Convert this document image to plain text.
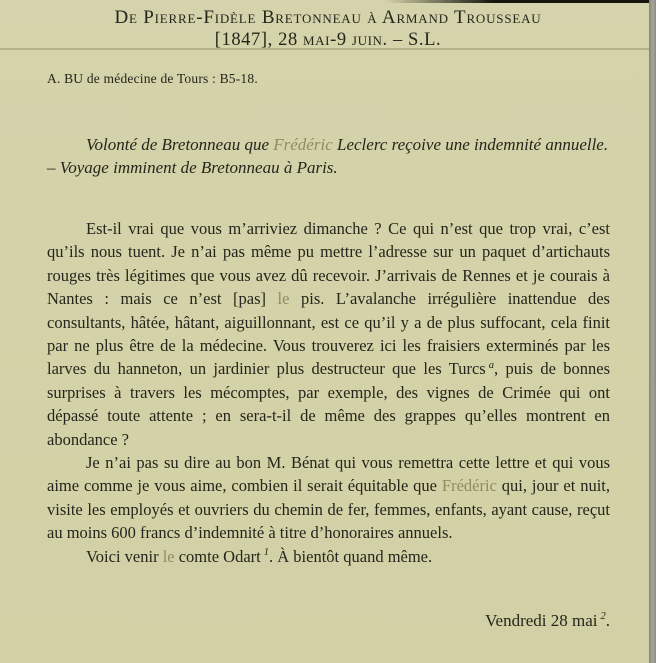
De Pierre-Fidèle Bretonneau à Armand Trousseau
[1847], 28 mai-9 juin. – S.L.
A. BU de médecine de Tours : B5-18.
Volonté de Bretonneau que Frédéric Leclerc reçoive une indemnité annuelle. – Voyage imminent de Bretonneau à Paris.

Est-il vrai que vous m’arriviez dimanche ? Ce qui n’est que trop vrai, c’est qu’ils nous tuent. Je n’ai pas même pu mettre l’adresse sur un paquet d’artichauts rouges très légitimes que vous avez dû recevoir. J’arrivais de Rennes et je courais à Nantes : mais ce n’est [pas] le pis. L’avalanche irrégulière inattendue des consultants, hâtée, hâtant, aiguillonnant, est ce qu’il y a de plus suffocant, cela finit par ne plus être de la médecine. Vous trouverez ici les fraisiers exterminés par les larves du hanneton, un jardinier plus destructeur que les Turcs $^a$, puis de bonnes surprises à travers les mécomptes, par exemple, des vignes de Crimée qui ont dépassé toute attente ; en sera-t-il de même des grappes qu’elles montrent en abondance ?

Je n’ai pas su dire au bon M. Bénat qui vous remettra cette lettre et qui vous aime comme je vous aime, combien il serait équitable que Frédéric qui, jour et nuit, visite les employés et ouvriers du chemin de fer, femmes, enfants, ayant cause, reçut au moins 600 francs d’indemnité à titre d’honoraires annuels.

Voici venir le comte Odart $^1$. À bientôt quand même.

Vendredi 28 mai $^2$.
